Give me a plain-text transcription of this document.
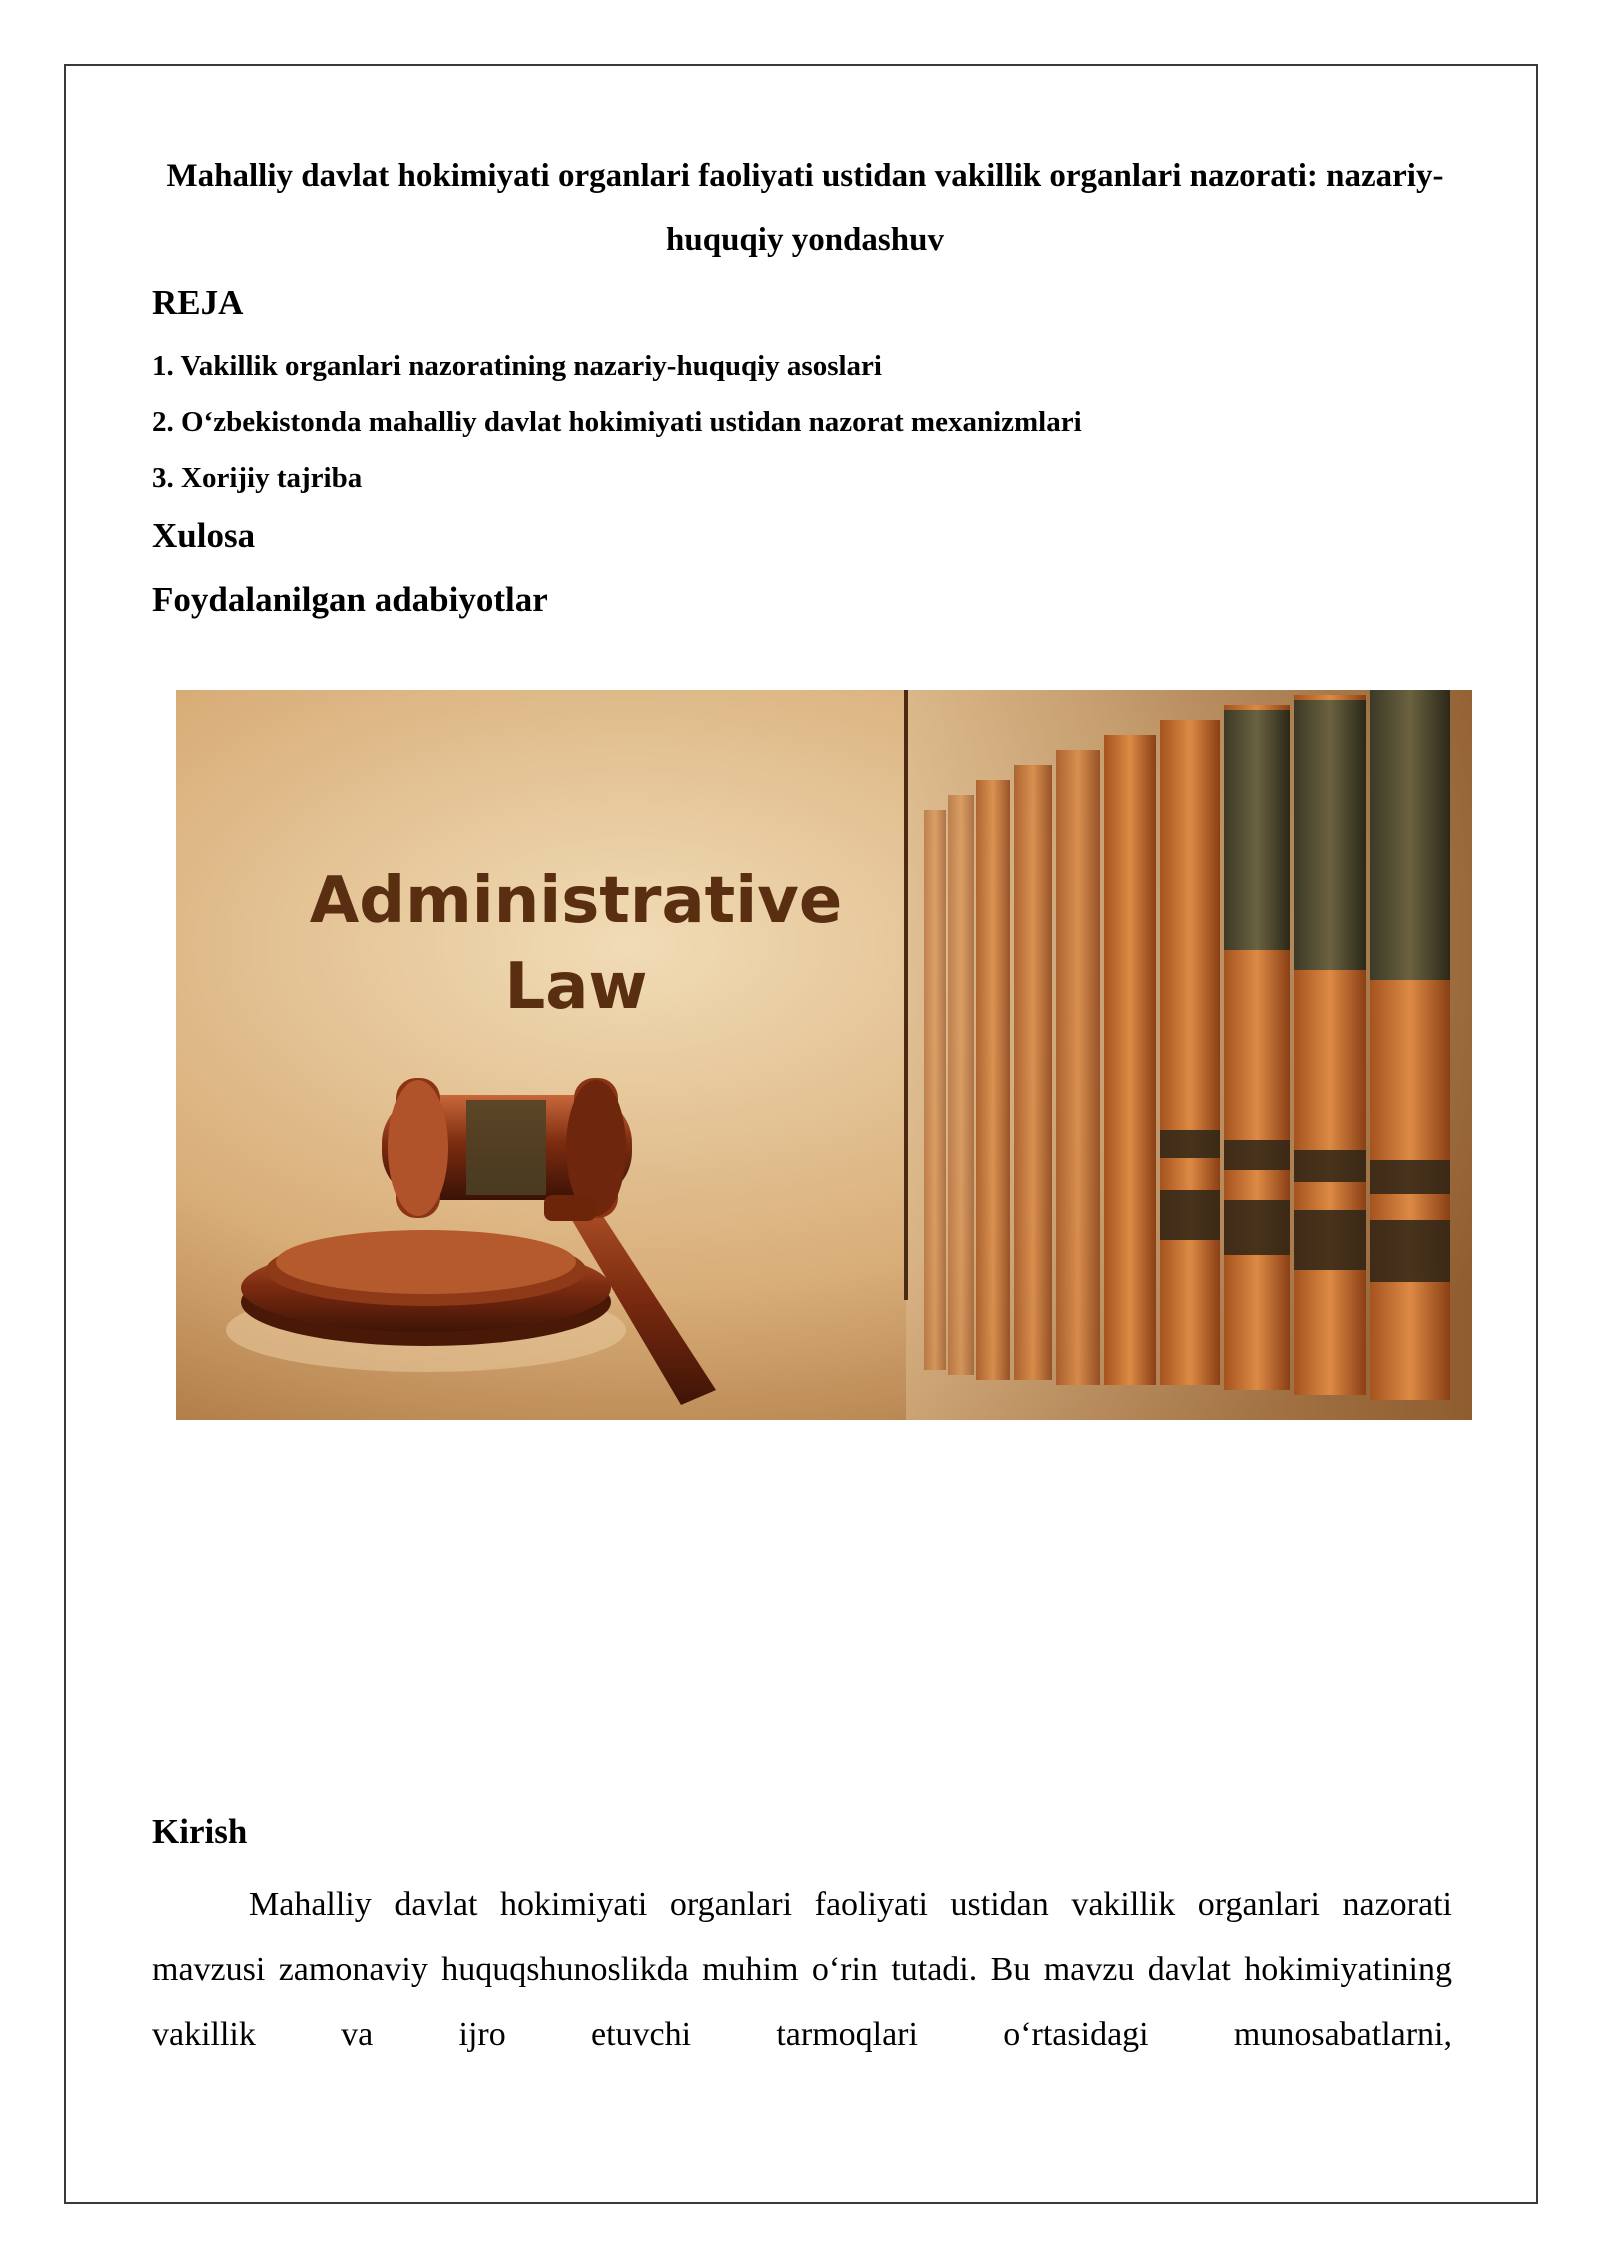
Mahalliy davlat hokimiyati organlari faoliyati ustidan vakillik organlari nazorati: nazariy-huquqiy yondashuv
REJA
1. Vakillik organlari nazoratining nazariy-huquqiy asoslari
2. O‘zbekistonda mahalliy davlat hokimiyati ustidan nazorat mexanizmlari
3. Xorijiy tajriba
Xulosa
Foydalanilgan adabiyotlar
Administrative
Law
Kirish

Mahalliy davlat hokimiyati organlari faoliyati ustidan vakillik organlari nazorati mavzusi zamonaviy huquqshunoslikda muhim o‘rin tutadi. Bu mavzu davlat hokimiyatining vakillik va ijro etuvchi tarmoqlari o‘rtasidagi munosabatlarni,
